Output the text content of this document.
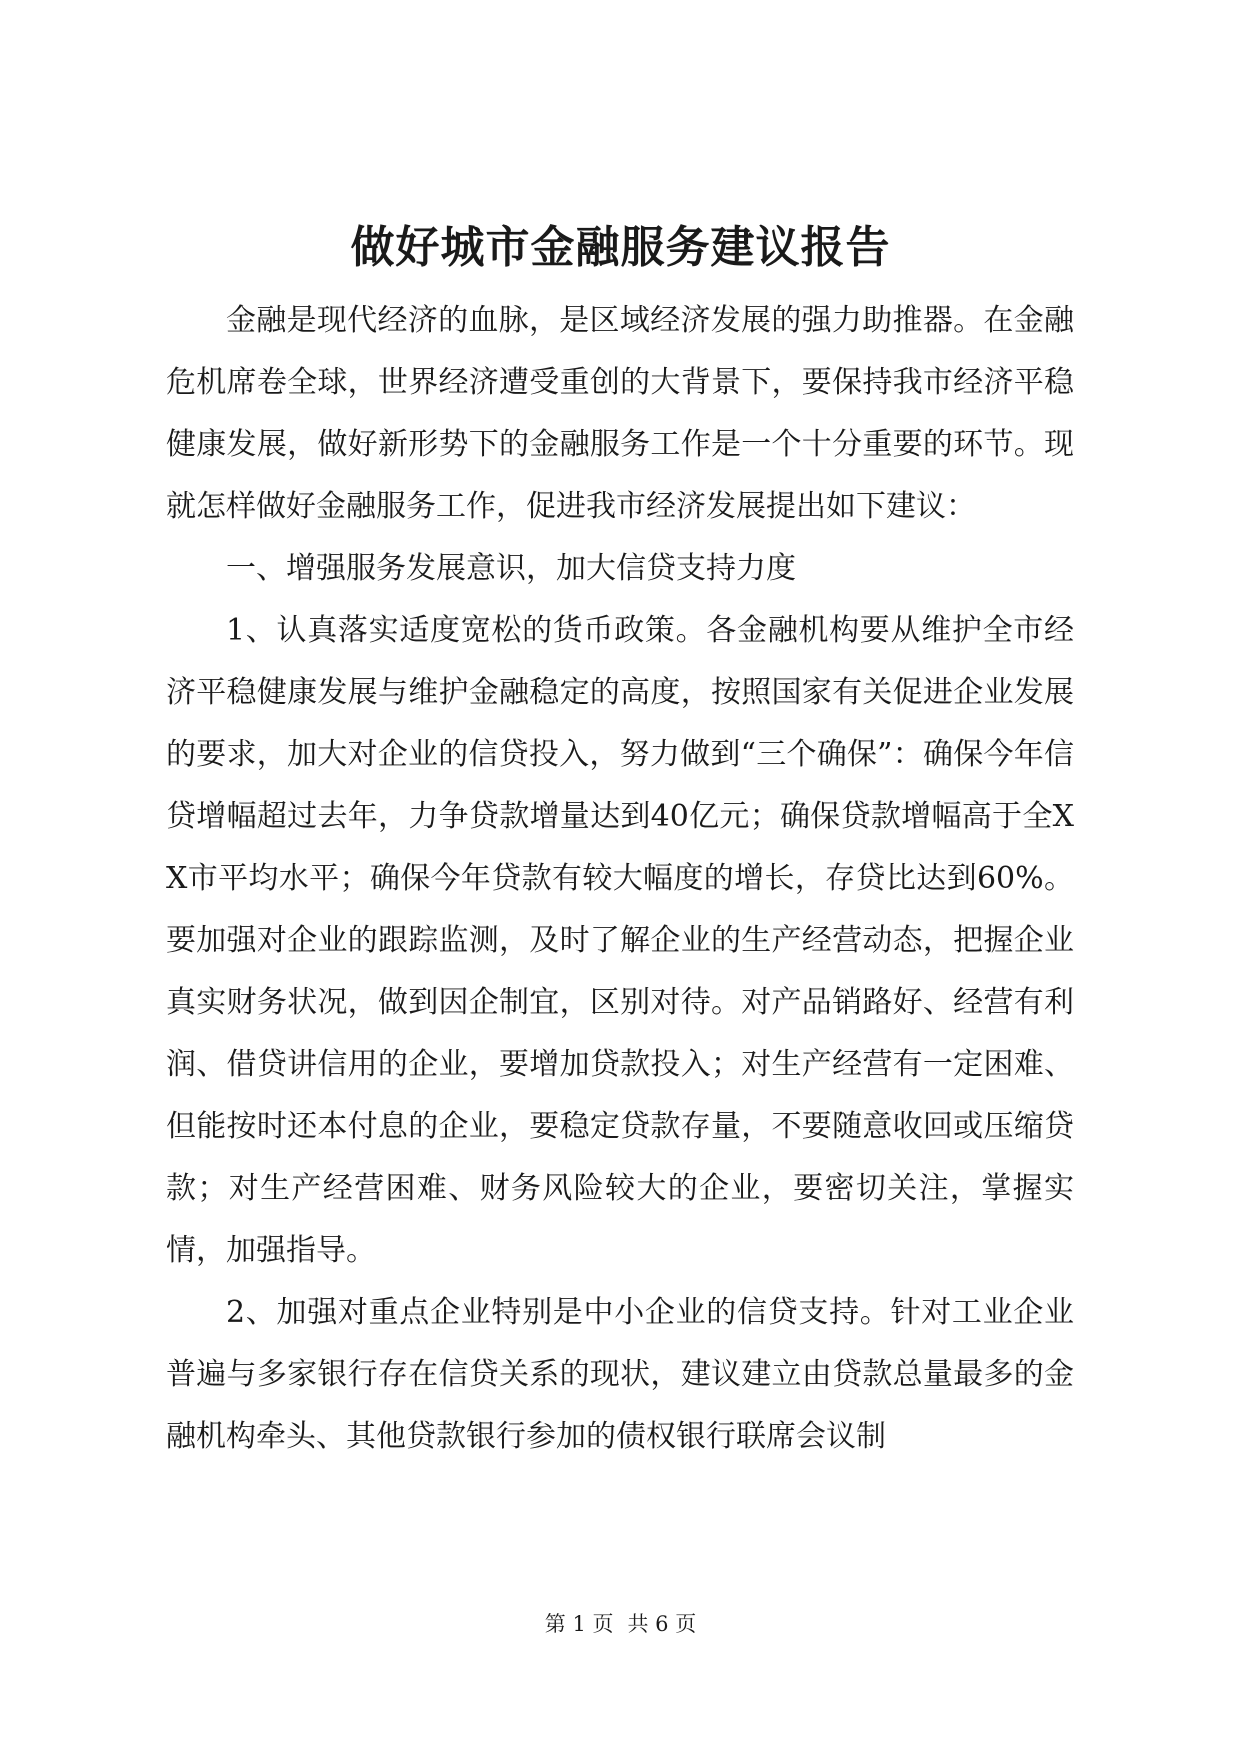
做好城市金融服务建议报告

金融是现代经济的血脉，是区域经济发展的强力助推器。在金融危机席卷全球，世界经济遭受重创的大背景下，要保持我市经济平稳健康发展，做好新形势下的金融服务工作是一个十分重要的环节。现就怎样做好金融服务工作，促进我市经济发展提出如下建议：

一、增强服务发展意识，加大信贷支持力度

1、认真落实适度宽松的货币政策。各金融机构要从维护全市经济平稳健康发展与维护金融稳定的高度，按照国家有关促进企业发展的要求，加大对企业的信贷投入，努力做到“三个确保”：确保今年信贷增幅超过去年，力争贷款增量达到40亿元；确保贷款增幅高于全XX市平均水平；确保今年贷款有较大幅度的增长，存贷比达到60%。要加强对企业的跟踪监测，及时了解企业的生产经营动态，把握企业真实财务状况，做到因企制宜，区别对待。对产品销路好、经营有利润、借贷讲信用的企业，要增加贷款投入；对生产经营有一定困难、但能按时还本付息的企业，要稳定贷款存量，不要随意收回或压缩贷款；对生产经营困难、财务风险较大的企业，要密切关注，掌握实情，加强指导。

2、加强对重点企业特别是中小企业的信贷支持。针对工业企业普遍与多家银行存在信贷关系的现状，建议建立由贷款总量最多的金融机构牵头、其他贷款银行参加的债权银行联席会议制

第 1 页 共 6 页
